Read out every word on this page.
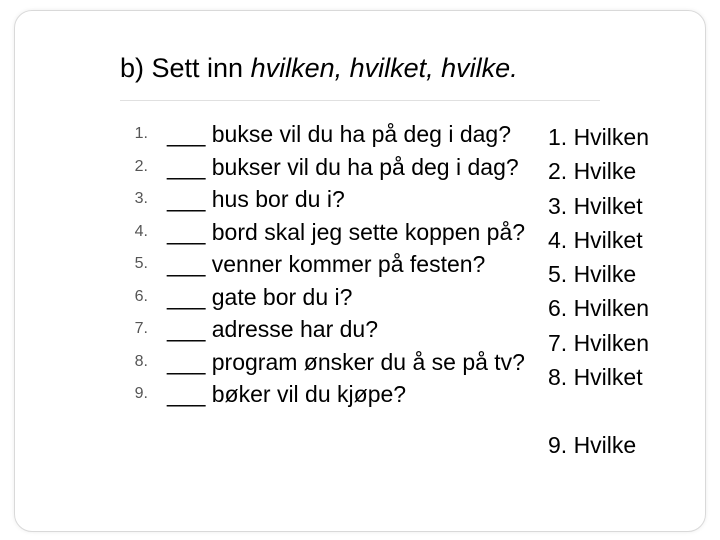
b) Sett inn hvilken, hvilket, hvilke.
1. ___ bukse vil du ha på deg i dag?
2. ___ bukser vil du ha på deg i dag?
3. ___ hus bor du i?
4. ___ bord skal jeg sette koppen på?
5. ___ venner kommer på festen?
6. ___ gate bor du i?
7. ___ adresse har du?
8. ___ program ønsker du å se på tv?
9. ___ bøker vil du kjøpe?
1. Hvilken
2. Hvilke
3. Hvilket
4. Hvilket
5. Hvilke
6. Hvilken
7. Hvilken
8. Hvilket
9. Hvilke
